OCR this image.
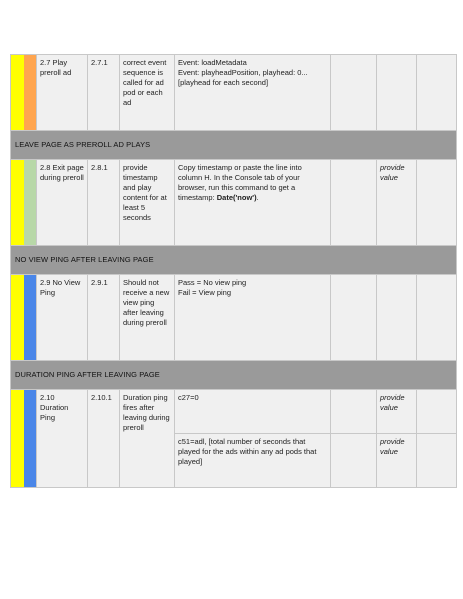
		2.7 Play preroll ad	2.7.1	correct event sequence is called for ad pod or each ad	Event: loadMetadata
Event: playheadPosition, playhead: 0...[playhead for each second]			

LEAVE PAGE AS PREROLL AD PLAYS								
		2.8 Exit page during preroll	2.8.1	provide timestamp and play content for at least 5 seconds	Copy timestamp or paste the line into column H. In the Console tab of your browser, run this command to get a timestamp: Date('now').		provide value	
NO VIEW PING AFTER LEAVING PAGE								
		2.9 No View Ping	2.9.1	Should not receive a new view ping after leaving during preroll	Pass = No view ping
Fail = View ping			

DURATION PING AFTER LEAVING PAGE								
		2.10 Duration Ping	2.10.1	Duration ping fires after leaving during preroll	c27=0		provide value	
					c51=adl, [total number of seconds that played for the ads within any ad pods that played]		provide value	
